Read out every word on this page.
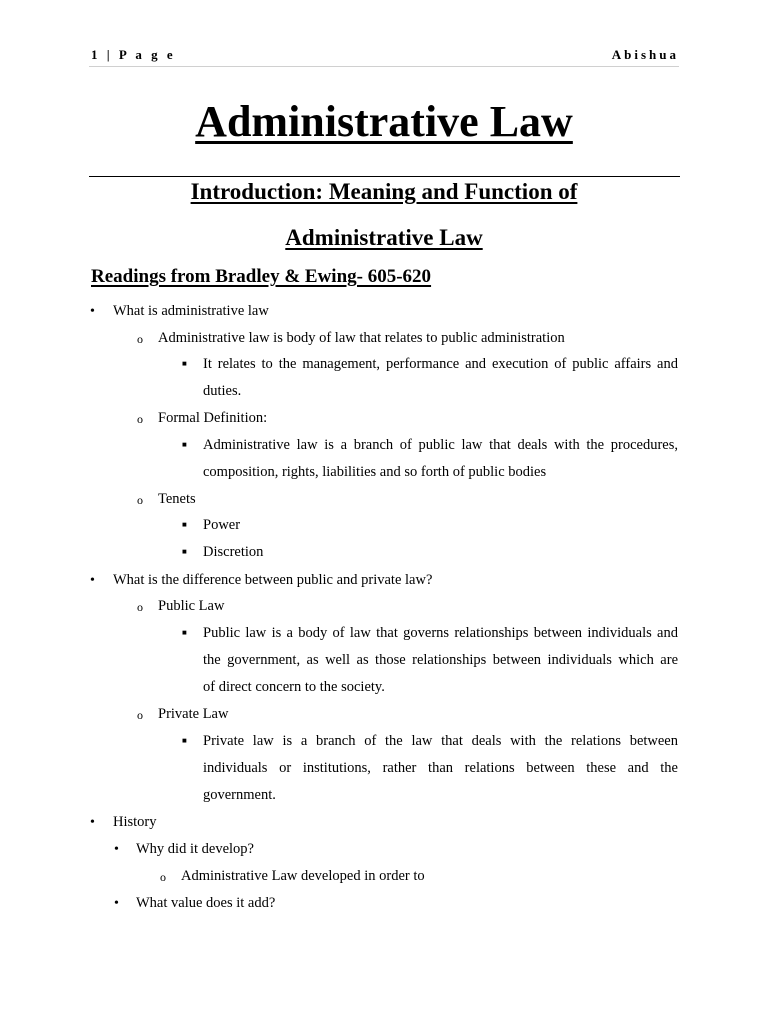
1 | P a g e	Abishua
Administrative Law
Introduction: Meaning and Function of
Administrative Law
Readings from Bradley & Ewing- 605-620
• What is administrative law
o Administrative law is body of law that relates to public administration
■ It relates to the management, performance and execution of public affairs and
duties.
o Formal Definition:
■ Administrative law is a branch of public law that deals with the procedures,
composition, rights, liabilities and so forth of public bodies
o Tenets
■ Power
■ Discretion
• What is the difference between public and private law?
o Public Law
■ Public law is a body of law that governs relationships between individuals and
the government, as well as those relationships between individuals which are
of direct concern to the society.
o Private Law
■ Private law is a branch of the law that deals with the relations between
individuals or institutions, rather than relations between these and the
government.
• History
• Why did it develop?
o Administrative Law developed in order to
• What value does it add?
